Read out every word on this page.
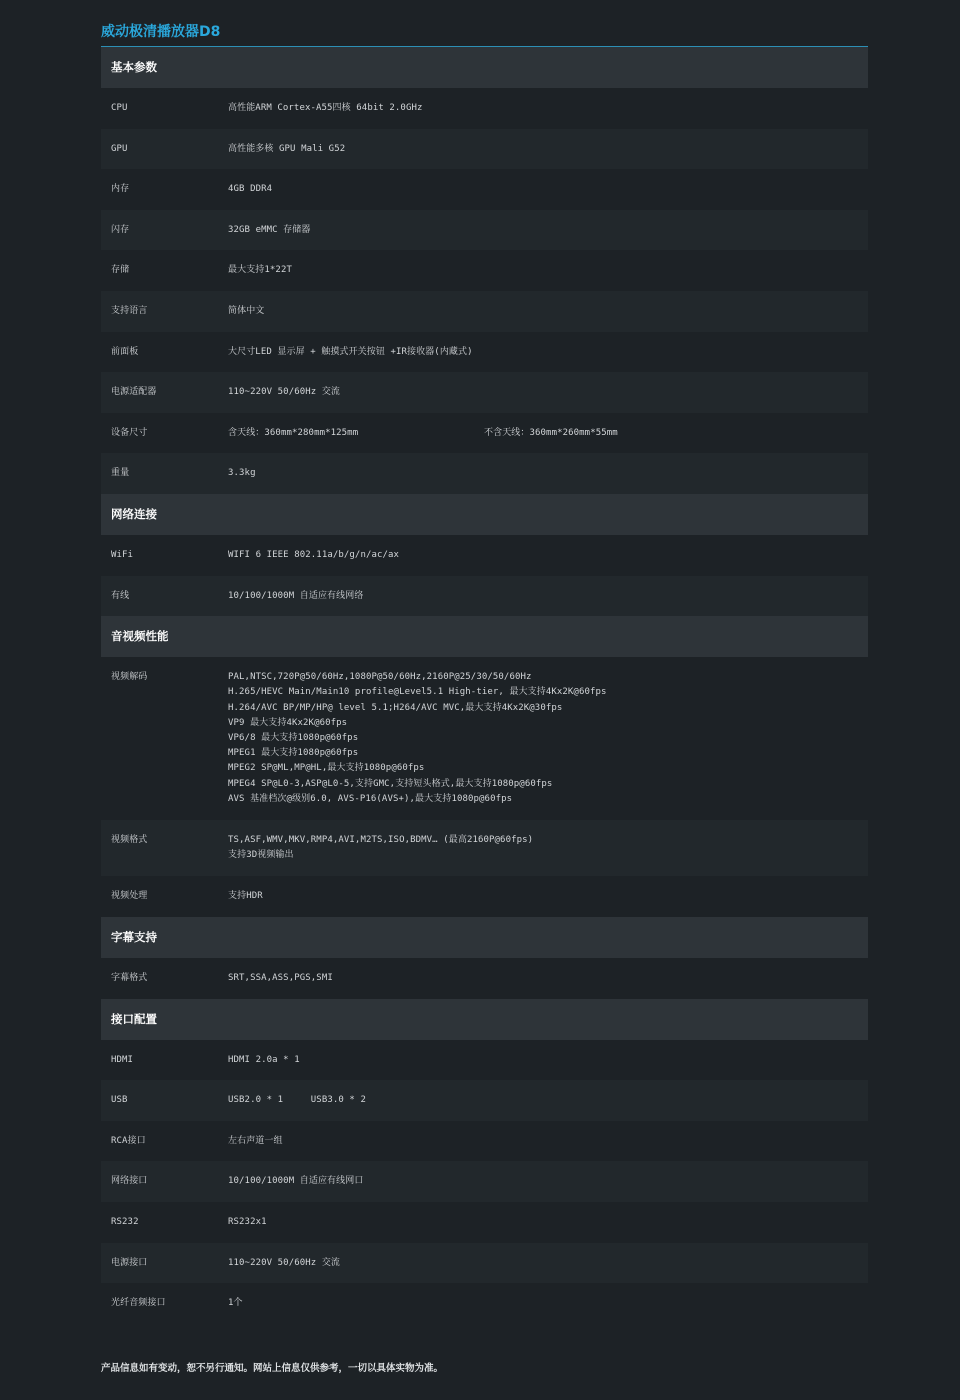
威动极清播放器D8
基本参数
CPU	高性能ARM Cortex-A55四核 64bit 2.0GHz
GPU	高性能多核 GPU Mali G52
内存	4GB DDR4
闪存	32GB eMMC 存储器
存储	最大支持1*22T
支持语言	简体中文
前面板	大尺寸LED 显示屏 + 触摸式开关按钮 +IR接收器(内藏式)
电源适配器	110~220V 50/60Hz 交流
设备尺寸	含天线：360mm*280mm*125mm	不含天线：360mm*260mm*55mm
重量	3.3kg
网络连接
WiFi	WIFI 6 IEEE 802.11a/b/g/n/ac/ax
有线	10/100/1000M 自适应有线网络
音视频性能
视频解码	PAL,NTSC,720P@50/60Hz,1080P@50/60Hz,2160P@25/30/50/60Hz
H.265/HEVC Main/Main10 profile@Level5.1 High-tier, 最大支持4Kx2K@60fps
H.264/AVC BP/MP/HP@ level 5.1;H264/AVC MVC,最大支持4Kx2K@30fps
VP9 最大支持4Kx2K@60fps
VP6/8 最大支持1080p@60fps
MPEG1 最大支持1080p@60fps
MPEG2 SP@ML,MP@HL,最大支持1080p@60fps
MPEG4 SP@L0-3,ASP@L0-5,支持GMC,支持短头格式,最大支持1080p@60fps
AVS 基准档次@级别6.0, AVS-P16(AVS+),最大支持1080p@60fps
视频格式	TS,ASF,WMV,MKV,RMP4,AVI,M2TS,ISO,BDMV… (最高2160P@60fps)
支持3D视频输出
视频处理	支持HDR
字幕支持
字幕格式	SRT,SSA,ASS,PGS,SMI
接口配置
HDMI	HDMI 2.0a * 1
USB	USB2.0 * 1     USB3.0 * 2
RCA接口	左右声道一组
网络接口	10/100/1000M 自适应有线网口
RS232	RS232x1
电源接口	110~220V 50/60Hz 交流
光纤音频接口	1个
产品信息如有变动，恕不另行通知。网站上信息仅供参考，一切以具体实物为准。
